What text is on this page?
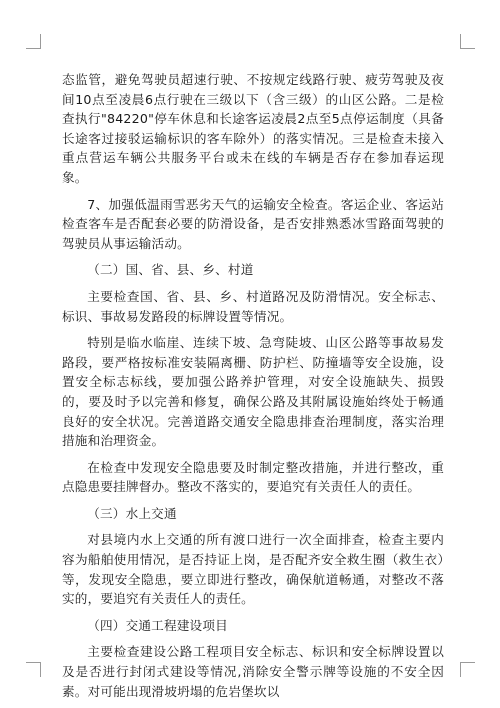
态监管，避免驾驶员超速行驶、不按规定线路行驶、疲劳驾驶及夜间10点至凌晨6点行驶在三级以下（含三级）的山区公路。二是检查执行"84220"停车休息和长途客运凌晨2点至5点停运制度（具备长途客过接驳运输标识的客车除外）的落实情况。三是检查未接入重点营运车辆公共服务平台或未在线的车辆是否存在参加春运现象。

7、加强低温雨雪恶劣天气的运输安全检查。客运企业、客运站检查客车是否配套必要的防滑设备，是否安排熟悉冰雪路面驾驶的驾驶员从事运输活动。

（二）国、省、县、乡、村道

主要检查国、省、县、乡、村道路况及防滑情况。安全标志、标识、事故易发路段的标牌设置等情况。

特别是临水临崖、连续下坡、急弯陡坡、山区公路等事故易发路段，要严格按标准安装隔离栅、防护栏、防撞墙等安全设施，设置安全标志标线，要加强公路养护管理，对安全设施缺失、损毁的，要及时予以完善和修复，确保公路及其附属设施始终处于畅通良好的安全状况。完善道路交通安全隐患排查治理制度，落实治理措施和治理资金。

在检查中发现安全隐患要及时制定整改措施，并进行整改，重点隐患要挂牌督办。整改不落实的，要追究有关责任人的责任。

（三）水上交通

对县境内水上交通的所有渡口进行一次全面排查，检查主要内容为船舶使用情况，是否持证上岗，是否配齐安全救生圈（救生衣）等，发现安全隐患，要立即进行整改，确保航道畅通，对整改不落实的，要追究有关责任人的责任。

（四）交通工程建设项目

主要检查建设公路工程项目安全标志、标识和安全标牌设置以及是否进行封闭式建设等情况,消除安全警示牌等设施的不安全因素。对可能出现滑坡坍塌的危岩堡坎以
